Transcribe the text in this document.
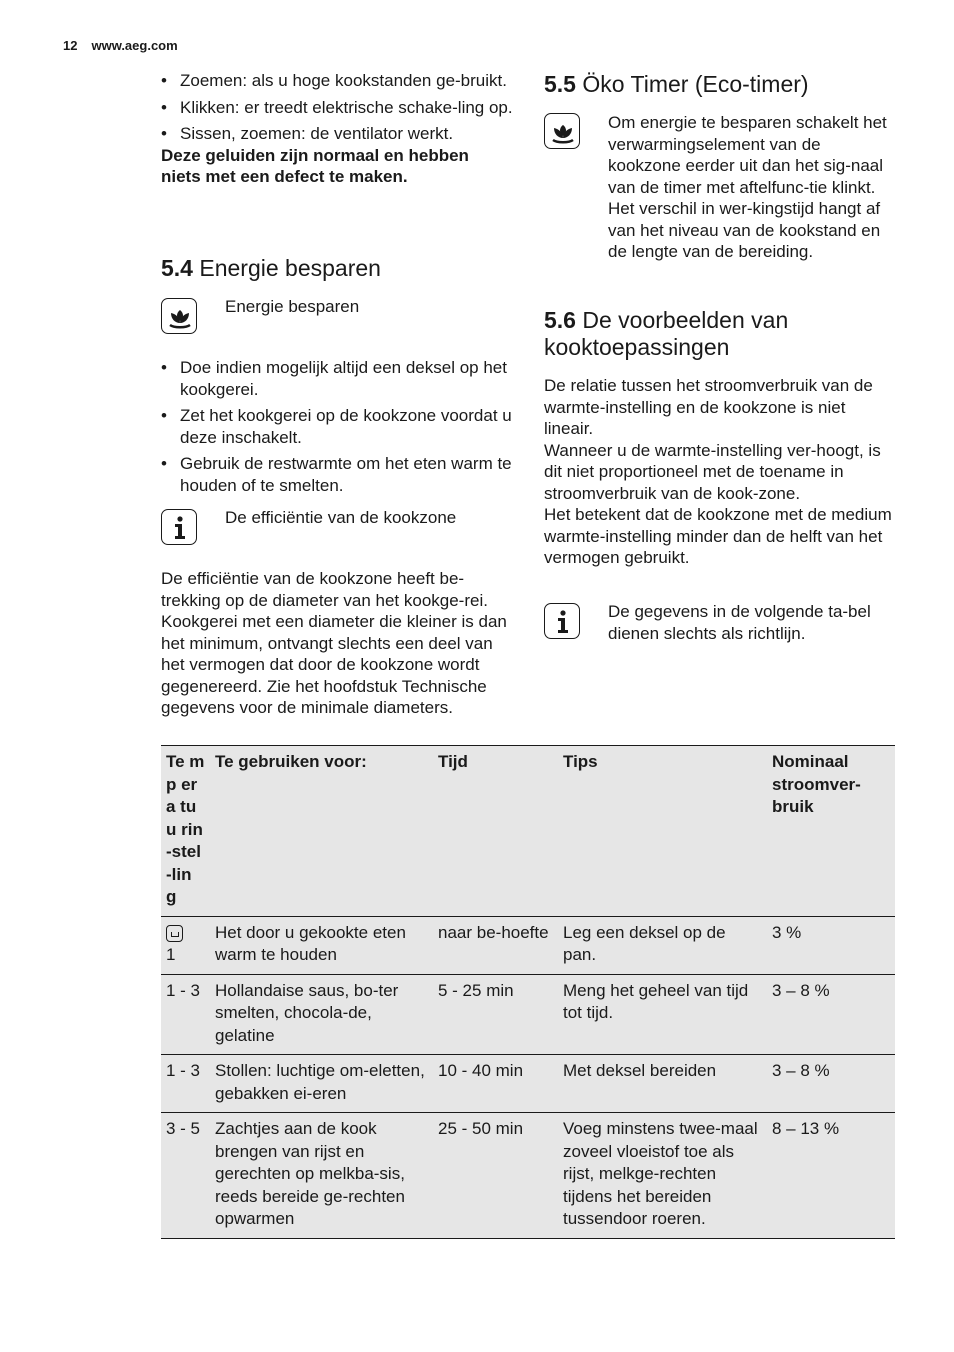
12 www.aeg.com
• Zoemen: als u hoge kookstanden ge-bruikt.
• Klikken: er treedt elektrische schake-ling op.
• Sissen, zoemen: de ventilator werkt.
Deze geluiden zijn normaal en hebben niets met een defect te maken.
5.4 Energie besparen
Energie besparen
• Doe indien mogelijk altijd een deksel op het kookgerei.
• Zet het kookgerei op de kookzone voordat u deze inschakelt.
• Gebruik de restwarmte om het eten warm te houden of te smelten.
De efficiëntie van de kookzone
De efficiëntie van de kookzone heeft be-trekking op de diameter van het kookge-rei. Kookgerei met een diameter die kleiner is dan het minimum, ontvangt slechts een deel van het vermogen dat door de kookzone wordt gegenereerd. Zie het hoofdstuk Technische gegevens voor de minimale diameters.
5.5 Öko Timer (Eco-timer)
Om energie te besparen schakelt het verwarmingselement van de kookzone eerder uit dan het sig-naal van de timer met aftelfunc-tie klinkt. Het verschil in wer-kingstijd hangt af van het niveau van de kookstand en de lengte van de bereiding.
5.6 De voorbeelden van kooktoepassingen
De relatie tussen het stroomverbruik van de warmte-instelling en de kookzone is niet lineair.
Wanneer u de warmte-instelling ver-hoogt, is dit niet proportioneel met de toename in stroomverbruik van de kook-zone.
Het betekent dat de kookzone met de medium warmte-instelling minder dan de helft van het vermogen gebruikt.
De gegevens in de volgende ta-bel dienen slechts als richtlijn.
Te mp era tuu rin-stel-lin g	Te gebruiken voor:	Tijd	Tips	Nominaal stroomver-bruik

1	Het door u gekookte eten warm te houden	naar be-hoefte	Leg een deksel op de pan.	3 %
1 - 3	Hollandaise saus, bo-ter smelten, chocola-de, gelatine	5 - 25 min	Meng het geheel van tijd tot tijd.	3 – 8 %
1 - 3	Stollen: luchtige om-eletten, gebakken ei-eren	10 - 40 min	Met deksel bereiden	3 – 8 %
3 - 5	Zachtjes aan de kook brengen van rijst en gerechten op melkba-sis, reeds bereide ge-rechten opwarmen	25 - 50 min	Voeg minstens twee-maal zoveel vloeistof toe als rijst, melkge-rechten tijdens het bereiden tussendoor roeren.	8 – 13 %
